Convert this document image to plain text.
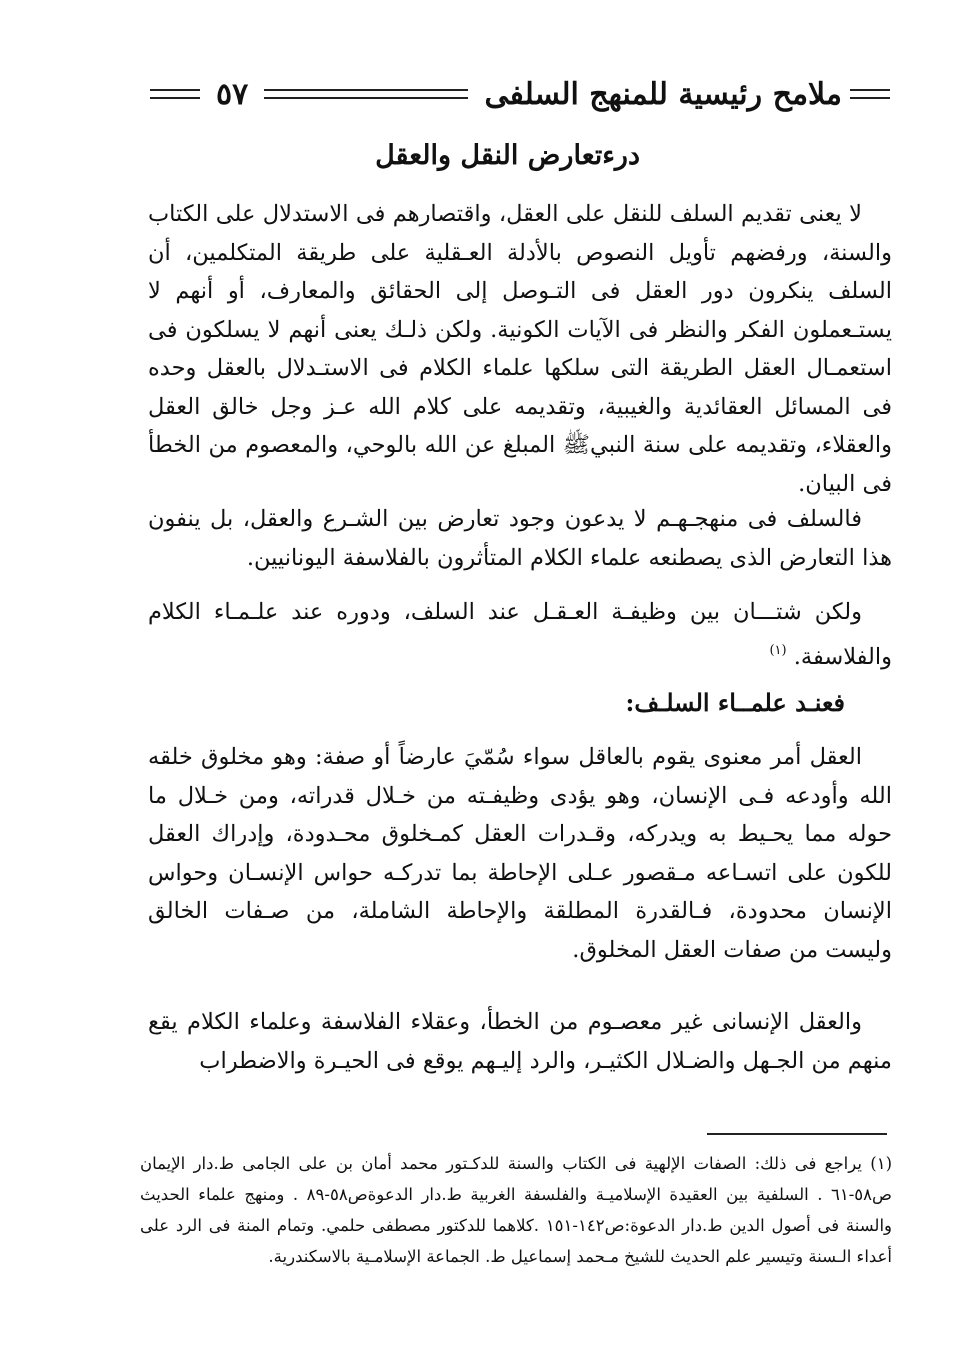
ملامح رئيسية للمنهج السلفى
٥٧
درءتعارض النقل والعقل

لا يعنى تقديم السلف للنقل على العقل، واقتصارهم فى الاستدلال على الكتاب والسنة، ورفضهم تأويل النصوص بالأدلة العـقلية على طريقة المتكلمين، أن السلف ينكرون دور العقل فى التـوصل إلى الحقائق والمعارف، أو أنهم لا يستـعملون الفكر والنظر فى الآيات الكونية. ولكن ذلـك يعنى أنهم لا يسلكون فى استعمـال العقل الطريقة التى سلكها علماء الكلام فى الاستـدلال بالعقل وحده فى المسائل العقائدية والغيبية، وتقديمه على كلام الله عـز وجل خالق العقل والعقلاء، وتقديمه على سنة النبيﷺ المبلغ عن الله بالوحي، والمعصوم من الخطأ فى البيان.

فالسلف فى منهجـهـم لا يدعون وجود تعارض بين الشـرع والعقل، بل ينفون هذا التعارض الذى يصطنعه علماء الكلام المتأثرون بالفلاسفة اليونانيين.

ولكن شتـــان بين وظيفـة العـقـل عند السلف، ودوره عند علـمـاء الكلام والفلاسفة. $^{(١)}$

فعنـد علمــاء السلـف:

العقل أمر معنوى يقوم بالعاقل سواء سُمّيَ عارضاً أو صفة: وهو مخلوق خلقه الله وأودعه فـى الإنسان، وهو يؤدى وظيفـته من خـلال قدراته، ومن خـلال ما حوله مما يحـيط به ويدركه، وقـدرات العقل كمـخلوق محـدودة، وإدراك العقل للكون على اتسـاعه مـقصور عـلى الإحاطة بما تدركـه حواس الإنسـان وحواس الإنسان محدودة، فـالقدرة المطلقة والإحاطة الشاملة، من صـفات الخالق وليست من صفات العقل المخلوق.

والعقل الإنسانى غير معصـوم من الخطأ، وعقلاء الفلاسفة وعلماء الكلام يقع منهم من الجـهل والضـلال الكثيـر، والرد إليـهم يوقع فى الحيـرة والاضطراب

(١) يراجع فى ذلك: الصفات الإلهية فى الكتاب والسنة للدكـتور محمد أمان بن على الجامى ط.دار الإيمان ص٥٨-٦١ . السلفية بين العقيدة الإسلاميـة والفلسفة الغربية ط.دار الدعوةص٥٨-٨٩ . ومنهج علماء الحديث والسنة فى أصول الدين ط.دار الدعوة:ص١٤٢-١٥١ .كلاهما للدكتور مصطفى حلمي. وتمام المنة فى الرد على أعداء الـسنة وتيسير علم الحديث للشيخ مـحمد إسماعيل ط. الجماعة الإسلامـية بالاسكندرية.
